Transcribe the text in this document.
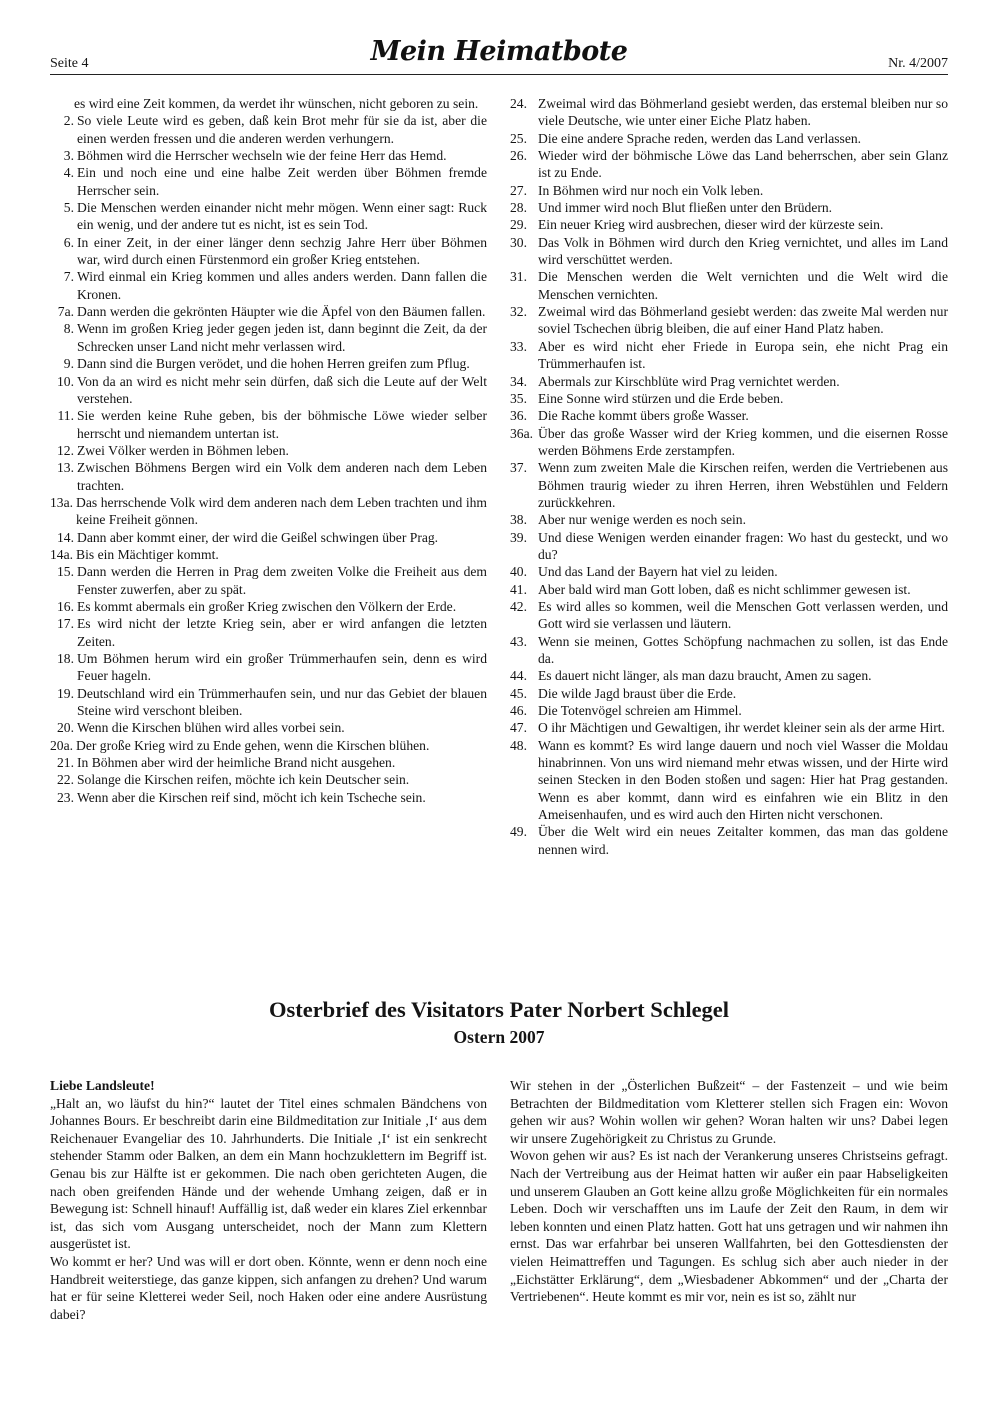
Seite 4	Mein Heimatbote	Nr. 4/2007
es wird eine Zeit kommen, da werdet ihr wünschen, nicht geboren zu sein.
2. So viele Leute wird es geben, daß kein Brot mehr für sie da ist, aber die einen werden fressen und die anderen werden verhungern.
3. Böhmen wird die Herrscher wechseln wie der feine Herr das Hemd.
4. Ein und noch eine und eine halbe Zeit werden über Böhmen fremde Herrscher sein.
5. Die Menschen werden einander nicht mehr mögen. Wenn einer sagt: Ruck ein wenig, und der andere tut es nicht, ist es sein Tod.
6. In einer Zeit, in der einer länger denn sechzig Jahre Herr über Böhmen war, wird durch einen Fürstenmord ein großer Krieg entstehen.
7. Wird einmal ein Krieg kommen und alles anders werden. Dann fallen die Kronen.
7a. Dann werden die gekrönten Häupter wie die Äpfel von den Bäumen fallen.
8. Wenn im großen Krieg jeder gegen jeden ist, dann beginnt die Zeit, da der Schrecken unser Land nicht mehr verlassen wird.
9. Dann sind die Burgen verödet, und die hohen Herren greifen zum Pflug.
10. Von da an wird es nicht mehr sein dürfen, daß sich die Leute auf der Welt verstehen.
11. Sie werden keine Ruhe geben, bis der böhmische Löwe wieder selber herrscht und niemandem untertan ist.
12. Zwei Völker werden in Böhmen leben.
13. Zwischen Böhmens Bergen wird ein Volk dem anderen nach dem Leben trachten.
13a. Das herrschende Volk wird dem anderen nach dem Leben trachten und ihm keine Freiheit gönnen.
14. Dann aber kommt einer, der wird die Geißel schwingen über Prag.
14a. Bis ein Mächtiger kommt.
15. Dann werden die Herren in Prag dem zweiten Volke die Freiheit aus dem Fenster zuwerfen, aber zu spät.
16. Es kommt abermals ein großer Krieg zwischen den Völkern der Erde.
17. Es wird nicht der letzte Krieg sein, aber er wird anfangen die letzten Zeiten.
18. Um Böhmen herum wird ein großer Trümmerhaufen sein, denn es wird Feuer hageln.
19. Deutschland wird ein Trümmerhaufen sein, und nur das Gebiet der blauen Steine wird verschont bleiben.
20. Wenn die Kirschen blühen wird alles vorbei sein.
20a. Der große Krieg wird zu Ende gehen, wenn die Kirschen blühen.
21. In Böhmen aber wird der heimliche Brand nicht ausgehen.
22. Solange die Kirschen reifen, möchte ich kein Deutscher sein.
23. Wenn aber die Kirschen reif sind, möcht ich kein Tscheche sein.
24. Zweimal wird das Böhmerland gesiebt werden, das erstemal bleiben nur so viele Deutsche, wie unter einer Eiche Platz haben.
25. Die eine andere Sprache reden, werden das Land verlassen.
26. Wieder wird der böhmische Löwe das Land beherrschen, aber sein Glanz ist zu Ende.
27. In Böhmen wird nur noch ein Volk leben.
28. Und immer wird noch Blut fließen unter den Brüdern.
29. Ein neuer Krieg wird ausbrechen, dieser wird der kürzeste sein.
30. Das Volk in Böhmen wird durch den Krieg vernichtet, und alles im Land wird verschüttet werden.
31. Die Menschen werden die Welt vernichten und die Welt wird die Menschen vernichten.
32. Zweimal wird das Böhmerland gesiebt werden: das zweite Mal werden nur soviel Tschechen übrig bleiben, die auf einer Hand Platz haben.
33. Aber es wird nicht eher Friede in Europa sein, ehe nicht Prag ein Trümmerhaufen ist.
34. Abermals zur Kirschblüte wird Prag vernichtet werden.
35. Eine Sonne wird stürzen und die Erde beben.
36. Die Rache kommt übers große Wasser.
36a. Über das große Wasser wird der Krieg kommen, und die eisernen Rosse werden Böhmens Erde zerstampfen.
37. Wenn zum zweiten Male die Kirschen reifen, werden die Vertriebenen aus Böhmen traurig wieder zu ihren Herren, ihren Webstühlen und Feldern zurückkehren.
38. Aber nur wenige werden es noch sein.
39. Und diese Wenigen werden einander fragen: Wo hast du gesteckt, und wo du?
40. Und das Land der Bayern hat viel zu leiden.
41. Aber bald wird man Gott loben, daß es nicht schlimmer gewesen ist.
42. Es wird alles so kommen, weil die Menschen Gott verlassen werden, und Gott wird sie verlassen und läutern.
43. Wenn sie meinen, Gottes Schöpfung nachmachen zu sollen, ist das Ende da.
44. Es dauert nicht länger, als man dazu braucht, Amen zu sagen.
45. Die wilde Jagd braust über die Erde.
46. Die Totenvögel schreien am Himmel.
47. O ihr Mächtigen und Gewaltigen, ihr werdet kleiner sein als der arme Hirt.
48. Wann es kommt? Es wird lange dauern und noch viel Wasser die Moldau hinabrinnen. Von uns wird niemand mehr etwas wissen, und der Hirte wird seinen Stecken in den Boden stoßen und sagen: Hier hat Prag gestanden. Wenn es aber kommt, dann wird es einfahren wie ein Blitz in den Ameisenhaufen, und es wird auch den Hirten nicht verschonen.
49. Über die Welt wird ein neues Zeitalter kommen, das man das goldene nennen wird.
Osterbrief des Visitators Pater Norbert Schlegel
Ostern 2007
Liebe Landsleute!

„Halt an, wo läufst du hin?“ lautet der Titel eines schmalen Bändchens von Johannes Bours. Er beschreibt darin eine Bildmeditation zur Initiale ‚I‘ aus dem Reichenauer Evangeliar des 10. Jahrhunderts. Die Initiale ‚I‘ ist ein senkrecht stehender Stamm oder Balken, an dem ein Mann hochzuklettern im Begriff ist. Genau bis zur Hälfte ist er gekommen. Die nach oben gerichteten Augen, die nach oben greifenden Hände und der wehende Umhang zeigen, daß er in Bewegung ist: Schnell hinauf! Auffällig ist, daß weder ein klares Ziel erkennbar ist, das sich vom Ausgang unterscheidet, noch der Mann zum Klettern ausgerüstet ist.

Wo kommt er her? Und was will er dort oben. Könnte, wenn er denn noch eine Handbreit weiterstiege, das ganze kippen, sich anfangen zu drehen? Und warum hat er für seine Kletterei weder Seil, noch Haken oder eine andere Ausrüstung dabei?

Wir stehen in der „Österlichen Bußzeit“ – der Fastenzeit – und wie beim Betrachten der Bildmeditation vom Kletterer stellen sich Fragen ein: Wovon gehen wir aus? Wohin wollen wir gehen? Woran halten wir uns? Dabei legen wir unsere Zugehörigkeit zu Christus zu Grunde.

Wovon gehen wir aus? Es ist nach der Verankerung unseres Christseins gefragt. Nach der Vertreibung aus der Heimat hatten wir außer ein paar Habseligkeiten und unserem Glauben an Gott keine allzu große Möglichkeiten für ein normales Leben. Doch wir verschafften uns im Laufe der Zeit den Raum, in dem wir leben konnten und einen Platz hatten. Gott hat uns getragen und wir nahmen ihn ernst. Das war erfahrbar bei unseren Wallfahrten, bei den Gottesdiensten der vielen Heimattreffen und Tagungen. Es schlug sich aber auch nieder in der „Eichstätter Erklärung“, dem „Wiesbadener Abkommen“ und der „Charta der Vertriebenen“. Heute kommt es mir vor, nein es ist so, zählt nur
